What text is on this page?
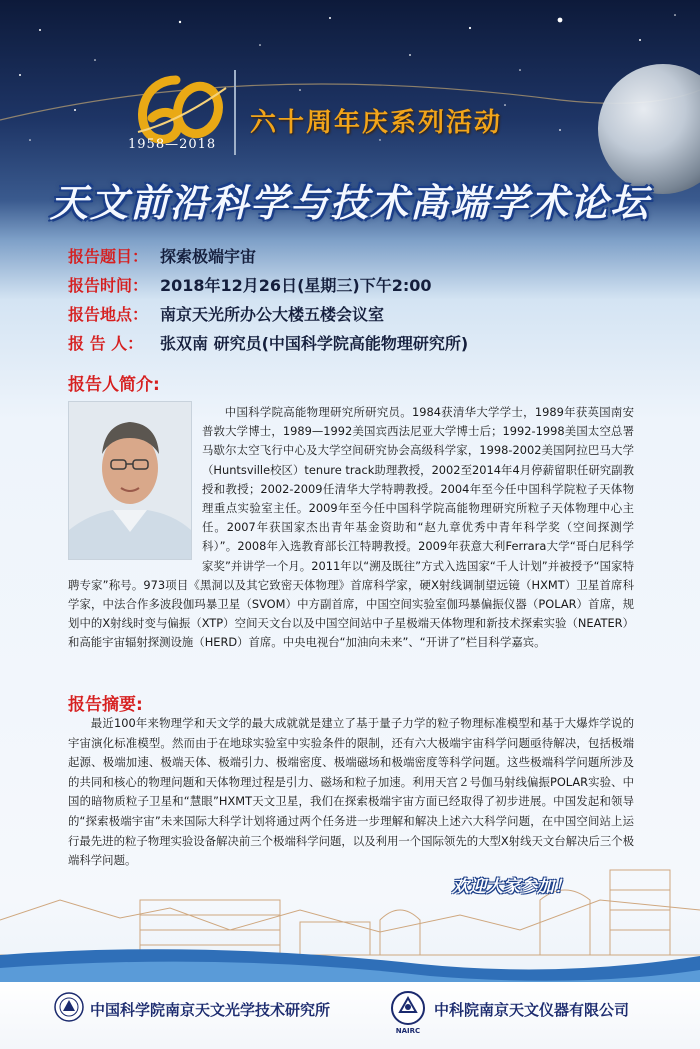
1958—2018
六十周年庆系列活动
天文前沿科学与技术高端学术论坛
报告题目： 探索极端宇宙
报告时间： 2018年12月26日(星期三)下午2:00
报告地点： 南京天光所办公大楼五楼会议室
报 告 人： 张双南 研究员(中国科学院高能物理研究所)
报告人简介:

中国科学院高能物理研究所研究员。1984获清华大学学士，1989年获英国南安普敦大学博士，1989—1992美国宾西法尼亚大学博士后；1992-1998美国太空总署马歇尔太空飞行中心及大学空间研究协会高级科学家，1998-2002美国阿拉巴马大学（Huntsville校区）tenure track助理教授，2002至2014年4月停薪留职任研究副教授和教授；2002-2009任清华大学特聘教授。2004年至今任中国科学院粒子天体物理重点实验室主任。2009年至今任中国科学院高能物理研究所粒子天体物理中心主任。2007年获国家杰出青年基金资助和“赵九章优秀中青年科学奖（空间探测学科）”。2008年入选教育部长江特聘教授。2009年获意大利Ferrara大学“哥白尼科学家奖”并讲学一个月。2011年以“溯及既往”方式入选国家“千人计划”并被授予“国家特聘专家”称号。973项目《黑洞以及其它致密天体物理》首席科学家，硬X射线调制望远镜（HXMT）卫星首席科学家，中法合作多波段伽玛暴卫星（SVOM）中方副首席，中国空间实验室伽玛暴偏振仪器（POLAR）首席，规划中的X射线时变与偏振（XTP）空间天文台以及中国空间站中子星极端天体物理和新技术探索实验（NEATER）和高能宇宙辐射探测设施（HERD）首席。中央电视台“加油向未来”、“开讲了”栏目科学嘉宾。

报告摘要:

最近100年来物理学和天文学的最大成就就是建立了基于量子力学的粒子物理标准模型和基于大爆炸学说的宇宙演化标准模型。然而由于在地球实验室中实验条件的限制，还有六大极端宇宙科学问题亟待解决，包括极端起源、极端加速、极端天体、极端引力、极端密度、极端磁场和极端密度等科学问题。这些极端科学问题所涉及的共同和核心的物理问题和天体物理过程是引力、磁场和粒子加速。利用天宫２号伽马射线偏振POLAR实验、中国的暗物质粒子卫星和“慧眼”HXMT天文卫星，我们在探索极端宇宙方面已经取得了初步进展。中国发起和领导的“探索极端宇宙”未来国际大科学计划将通过两个任务进一步理解和解决上述六大科学问题，在中国空间站上运行最先进的粒子物理实验设备解决前三个极端科学问题，以及利用一个国际领先的大型X射线天文台解决后三个极端科学问题。

欢迎大家参加！
中国科学院南京天文光学技术研究所
NAIRC
中科院南京天文仪器有限公司
